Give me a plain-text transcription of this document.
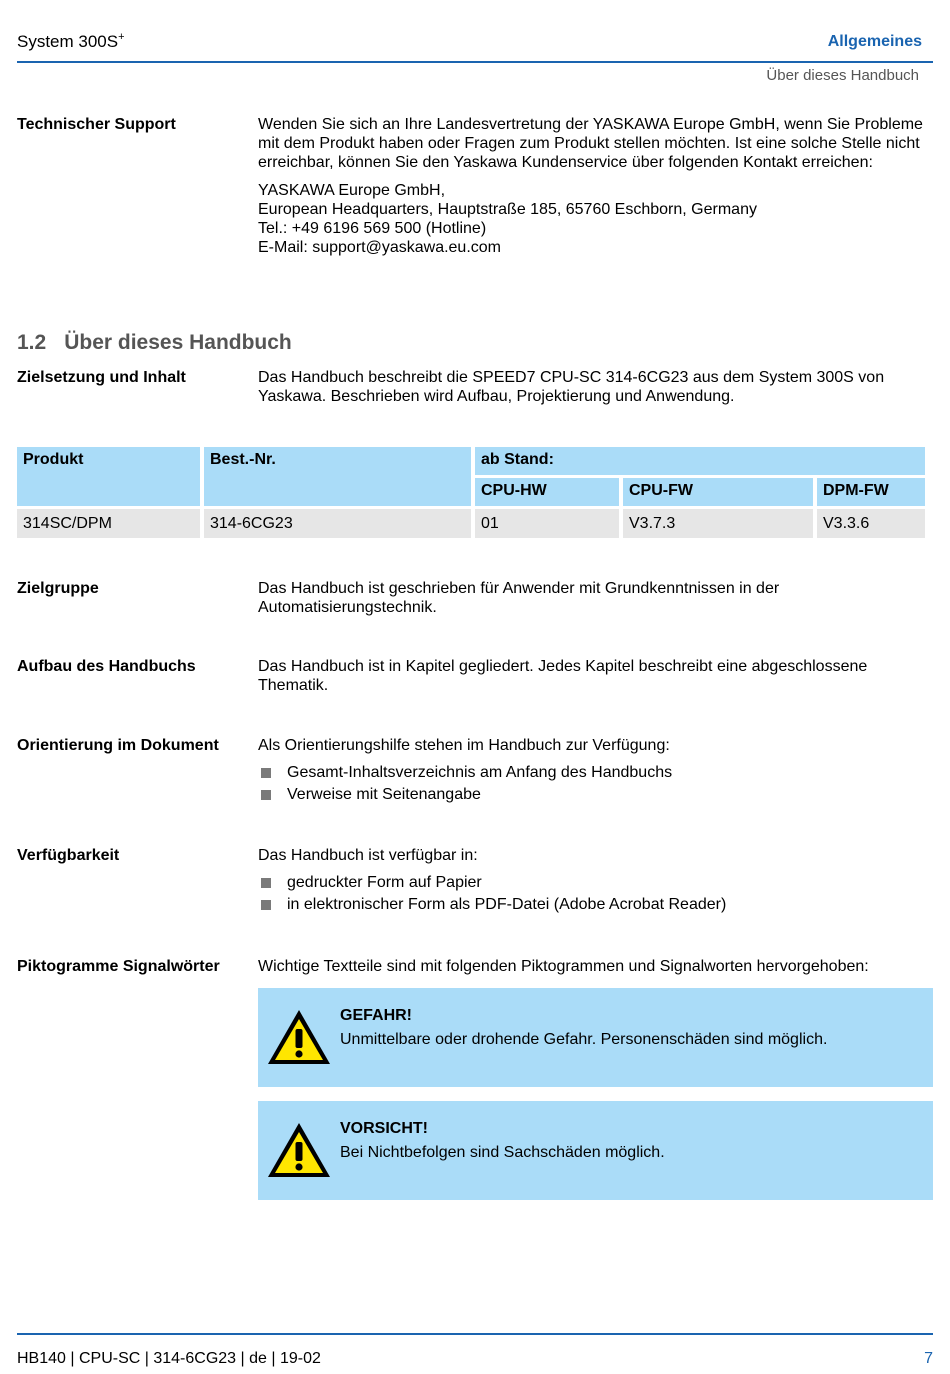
System 300S+	Allgemeines
Über dieses Handbuch
Technischer Support	Wenden Sie sich an Ihre Landesvertretung der YASKAWA Europe GmbH, wenn Sie Probleme mit dem Produkt haben oder Fragen zum Produkt stellen möchten. Ist eine solche Stelle nicht erreichbar, können Sie den Yaskawa Kundenservice über folgenden Kontakt erreichen:

YASKAWA Europe GmbH,
European Headquarters, Hauptstraße 185, 65760 Eschborn, Germany
Tel.: +49 6196 569 500 (Hotline)
E-Mail: support@yaskawa.eu.com

1.2 Über dieses Handbuch
Zielsetzung und Inhalt	Das Handbuch beschreibt die SPEED7 CPU-SC 314-6CG23 aus dem System 300S von Yaskawa. Beschrieben wird Aufbau, Projektierung und Anwendung.
Produkt	Best.-Nr.	ab Stand:		
		CPU-HW	CPU-FW	DPM-FW
314SC/DPM	314-6CG23	01	V3.7.3	V3.3.6
Zielgruppe	Das Handbuch ist geschrieben für Anwender mit Grundkenntnissen in der Automatisierungstechnik.
Aufbau des Handbuchs	Das Handbuch ist in Kapitel gegliedert. Jedes Kapitel beschreibt eine abgeschlossene Thematik.
Orientierung im Dokument	Als Orientierungshilfe stehen im Handbuch zur Verfügung:

Gesamt-Inhaltsverzeichnis am Anfang des Handbuchs
Verweise mit Seitenangabe
Verfügbarkeit	Das Handbuch ist verfügbar in:

gedruckter Form auf Papier
in elektronischer Form als PDF-Datei (Adobe Acrobat Reader)
Piktogramme Signalwörter	Wichtige Textteile sind mit folgenden Piktogrammen und Signalworten hervorgehoben:
GEFAHR!
Unmittelbare oder drohende Gefahr. Personenschäden sind möglich.
VORSICHT!
Bei Nichtbefolgen sind Sachschäden möglich.
HB140 | CPU-SC | 314-6CG23 | de | 19-02	7
